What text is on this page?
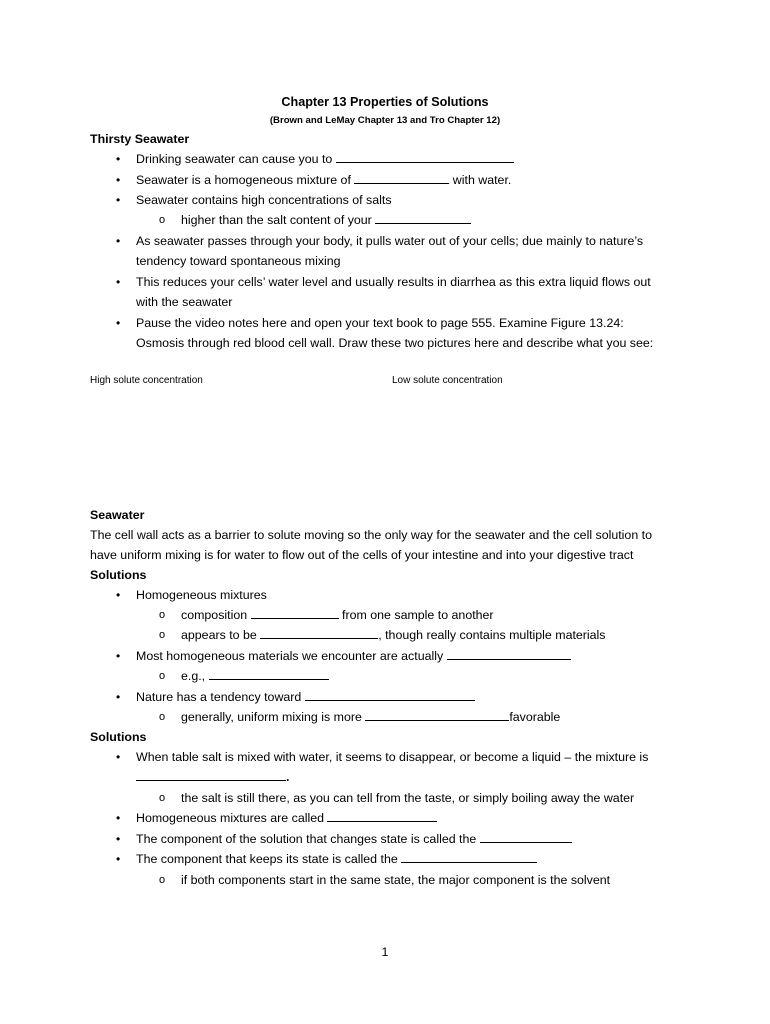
Chapter 13 Properties of Solutions
(Brown and LeMay Chapter 13 and Tro Chapter 12)
Thirsty Seawater
• Drinking seawater can cause you to
• Seawater is a homogeneous mixture of	with water.
• Seawater contains high concentrations of salts
o higher than the salt content of your
• As seawater passes through your body, it pulls water out of your cells; due mainly to nature’s
tendency toward spontaneous mixing
• This reduces your cells’ water level and usually results in diarrhea as this extra liquid flows out
with the seawater
• Pause the video notes here and open your text book to page 555. Examine Figure 13.24:
Osmosis through red blood cell wall. Draw these two pictures here and describe what you see:
High solute concentration	Low solute concentration
Seawater
The cell wall acts as a barrier to solute moving so the only way for the seawater and the cell solution to
have uniform mixing is for water to flow out of the cells of your intestine and into your digestive tract
Solutions
• Homogeneous mixtures
o composition	from one sample to another
o appears to be	, though really contains multiple materials
• Most homogeneous materials we encounter are actually
o e.g.,
• Nature has a tendency toward
o generally, uniform mixing is more	favorable
Solutions
• When table salt is mixed with water, it seems to disappear, or become a liquid – the mixture is
.
o the salt is still there, as you can tell from the taste, or simply boiling away the water
• Homogeneous mixtures are called
• The component of the solution that changes state is called the
• The component that keeps its state is called the
o if both components start in the same state, the major component is the solvent
1
